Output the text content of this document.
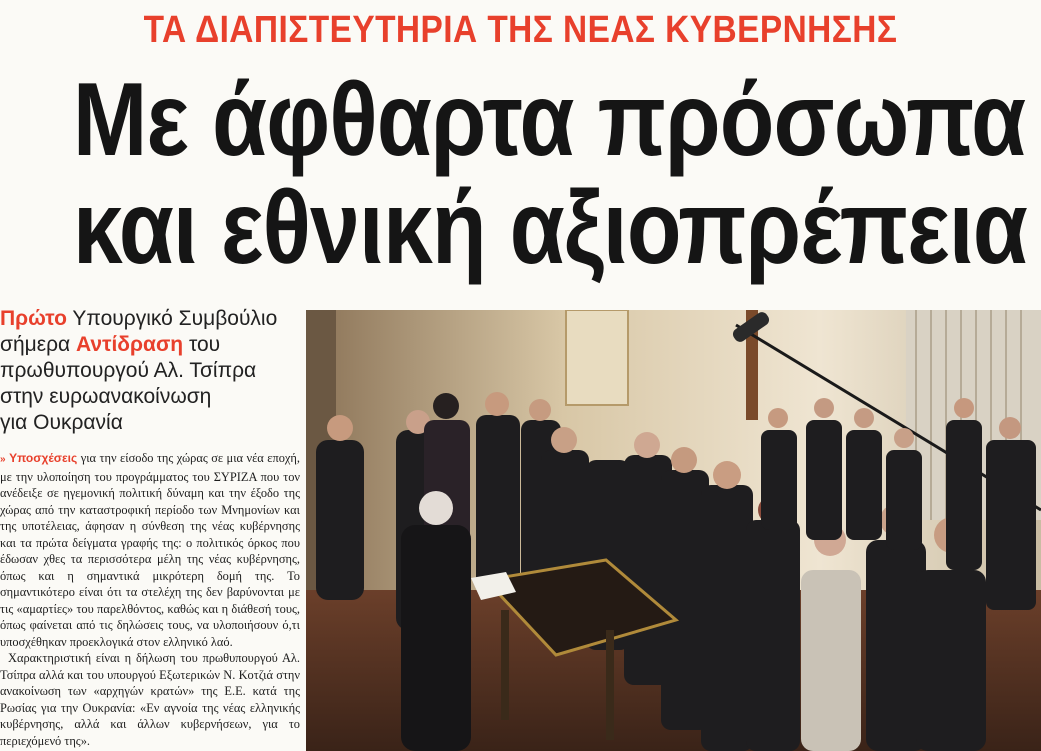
ΤΑ ΔΙΑΠΙΣΤΕΥΤΗΡΙΑ ΤΗΣ ΝΕΑΣ ΚΥΒΕΡΝΗΣΗΣ
Με άφθαρτα πρόσωπα
και εθνική αξιοπρέπεια
Πρώτο Υπουργικό Συμβούλιο
σήμερα Αντίδραση του
πρωθυπουργού Αλ. Τσίπρα
στην ευρωανακοίνωση
για Ουκρανία

» Υποσχέσεις για την είσοδο της χώρας σε μια νέα εποχή, με την υλοποίηση του προγράμματος του ΣΥΡΙΖΑ που τον ανέδειξε σε ηγεμονική πολιτική δύναμη και την έξοδο της χώρας από την καταστροφική περίοδο των Μνημονίων και της υποτέλειας, άφησαν η σύνθεση της νέας κυβέρνησης και τα πρώτα δείγματα γραφής της: ο πολιτικός όρκος που έδωσαν χθες τα περισσότερα μέλη της νέας κυβέρνησης, όπως και η σημαντικά μικρότερη δομή της. Το σημαντικότερο είναι ότι τα στελέχη της δεν βαρύνονται με τις «αμαρτίες» του παρελθόντος, καθώς και η διάθεσή τους, όπως φαίνεται από τις δηλώσεις τους, να υλοποιήσουν ό,τι υποσχέθηκαν προεκλογικά στον ελληνικό λαό.

Χαρακτηριστική είναι η δήλωση του πρωθυπουργού Αλ. Τσίπρα αλλά και του υπουργού Εξωτερικών Ν. Κοτζιά στην ανακοίνωση των «αρχηγών κρατών» της Ε.Ε. κατά της Ρωσίας για την Ουκρανία: «Εν αγνοία της νέας ελληνικής κυβέρνησης, αλλά και άλλων κυβερνήσεων, για το περιεχόμενό της».
